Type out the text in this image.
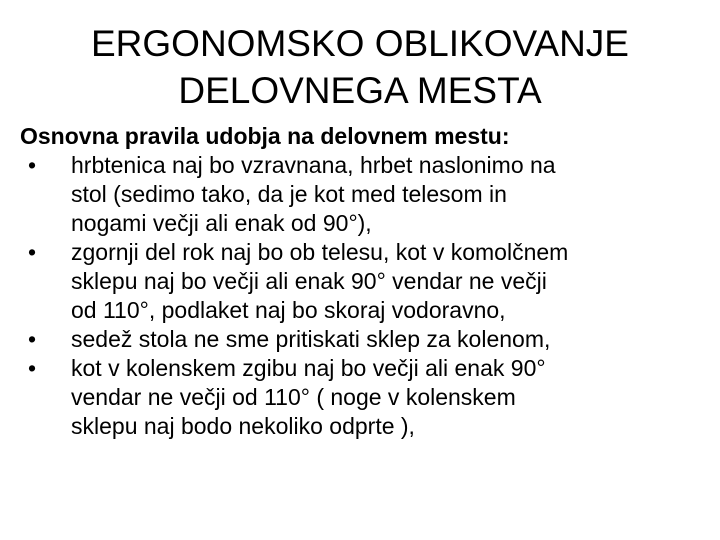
ERGONOMSKO OBLIKOVANJE
DELOVNEGA MESTA

Osnovna pravila udobja na delovnem mestu:

•	hrbtenica naj bo vzravnana, hrbet naslonimo na
stol (sedimo tako, da je kot med telesom in
nogami večji ali enak od 90°),
•	zgornji del rok naj bo ob telesu, kot v komolčnem
sklepu naj bo večji ali enak 90° vendar ne večji
od 110°, podlaket naj bo skoraj vodoravno,
•	sedež stola ne sme pritiskati sklep za kolenom,
•	kot v kolenskem zgibu naj bo večji ali enak 90°
vendar ne večji od 110° ( noge v kolenskem
sklepu naj bodo nekoliko odprte ),
